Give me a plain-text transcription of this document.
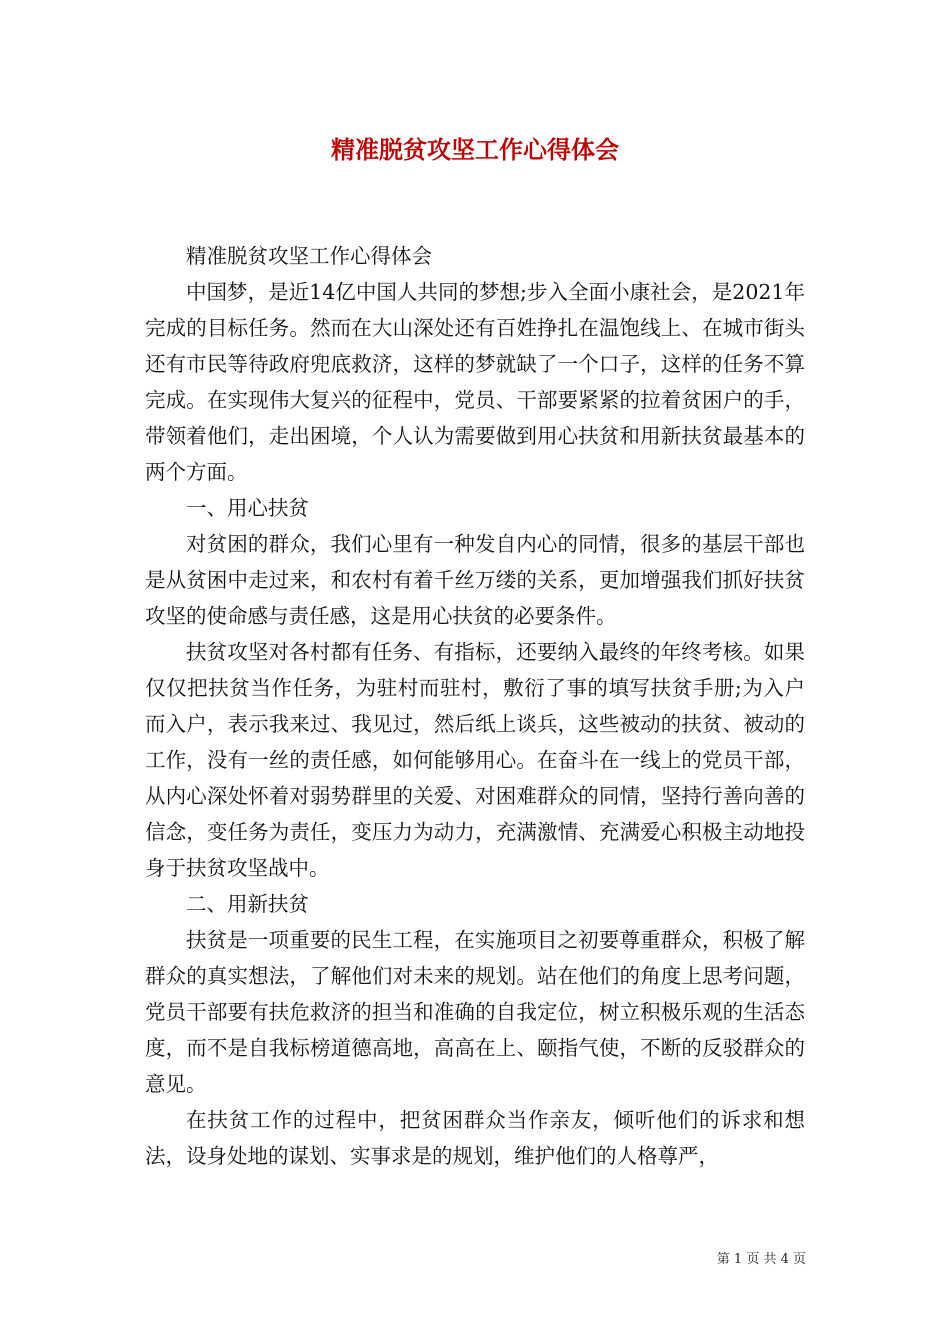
精准脱贫攻坚工作心得体会

精准脱贫攻坚工作心得体会

中国梦，是近14亿中国人共同的梦想;步入全面小康社会，是2021年完成的目标任务。然而在大山深处还有百姓挣扎在温饱线上、在城市街头还有市民等待政府兜底救济，这样的梦就缺了一个口子，这样的任务不算完成。在实现伟大复兴的征程中，党员、干部要紧紧的拉着贫困户的手，带领着他们，走出困境，个人认为需要做到用心扶贫和用新扶贫最基本的两个方面。

一、用心扶贫

对贫困的群众，我们心里有一种发自内心的同情，很多的基层干部也是从贫困中走过来，和农村有着千丝万缕的关系，更加增强我们抓好扶贫攻坚的使命感与责任感，这是用心扶贫的必要条件。

扶贫攻坚对各村都有任务、有指标，还要纳入最终的年终考核。如果仅仅把扶贫当作任务，为驻村而驻村，敷衍了事的填写扶贫手册;为入户而入户，表示我来过、我见过，然后纸上谈兵，这些被动的扶贫、被动的工作，没有一丝的责任感，如何能够用心。在奋斗在一线上的党员干部，从内心深处怀着对弱势群里的关爱、对困难群众的同情，坚持行善向善的信念，变任务为责任，变压力为动力，充满激情、充满爱心积极主动地投身于扶贫攻坚战中。

二、用新扶贫

扶贫是一项重要的民生工程，在实施项目之初要尊重群众，积极了解群众的真实想法，了解他们对未来的规划。站在他们的角度上思考问题，党员干部要有扶危救济的担当和准确的自我定位，树立积极乐观的生活态度，而不是自我标榜道德高地，高高在上、颐指气使，不断的反驳群众的意见。

在扶贫工作的过程中，把贫困群众当作亲友，倾听他们的诉求和想法，设身处地的谋划、实事求是的规划，维护他们的人格尊严，

第 1 页 共 4 页
